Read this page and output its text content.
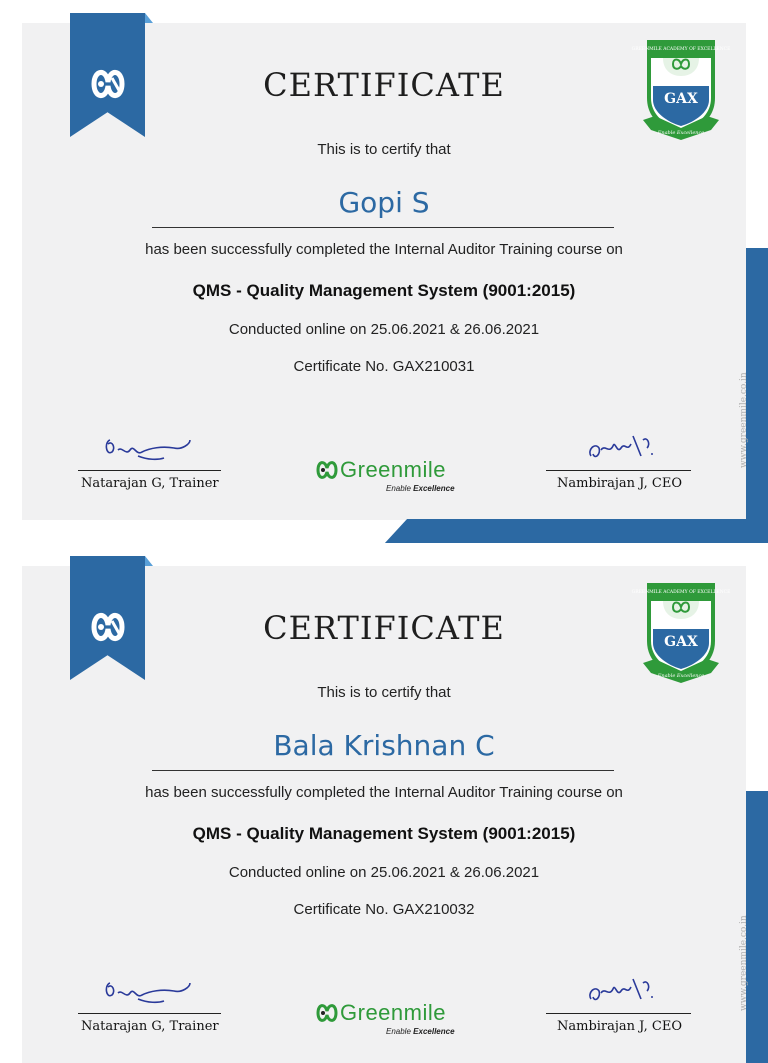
CERTIFICATE
This is to certify that
Gopi S
has been successfully completed the Internal Auditor Training course on
QMS - Quality Management System (9001:2015)
Conducted online on 25.06.2021 & 26.06.2021
Certificate No. GAX210031
Natarajan G, Trainer
Greenmile
Enable Excellence	Nambirajan J, CEO
GREENMILE ACADEMY OF EXCELLENCE
GAX
Enable Excellence
www.greenmile.co.in
CERTIFICATE
This is to certify that
Bala Krishnan C
has been successfully completed the Internal Auditor Training course on
QMS - Quality Management System (9001:2015)
Conducted online on 25.06.2021 & 26.06.2021
Certificate No. GAX210032
Natarajan G, Trainer
Greenmile
Enable Excellence	Nambirajan J, CEO
GREENMILE ACADEMY OF EXCELLENCE
GAX
Enable Excellence
www.greenmile.co.in
